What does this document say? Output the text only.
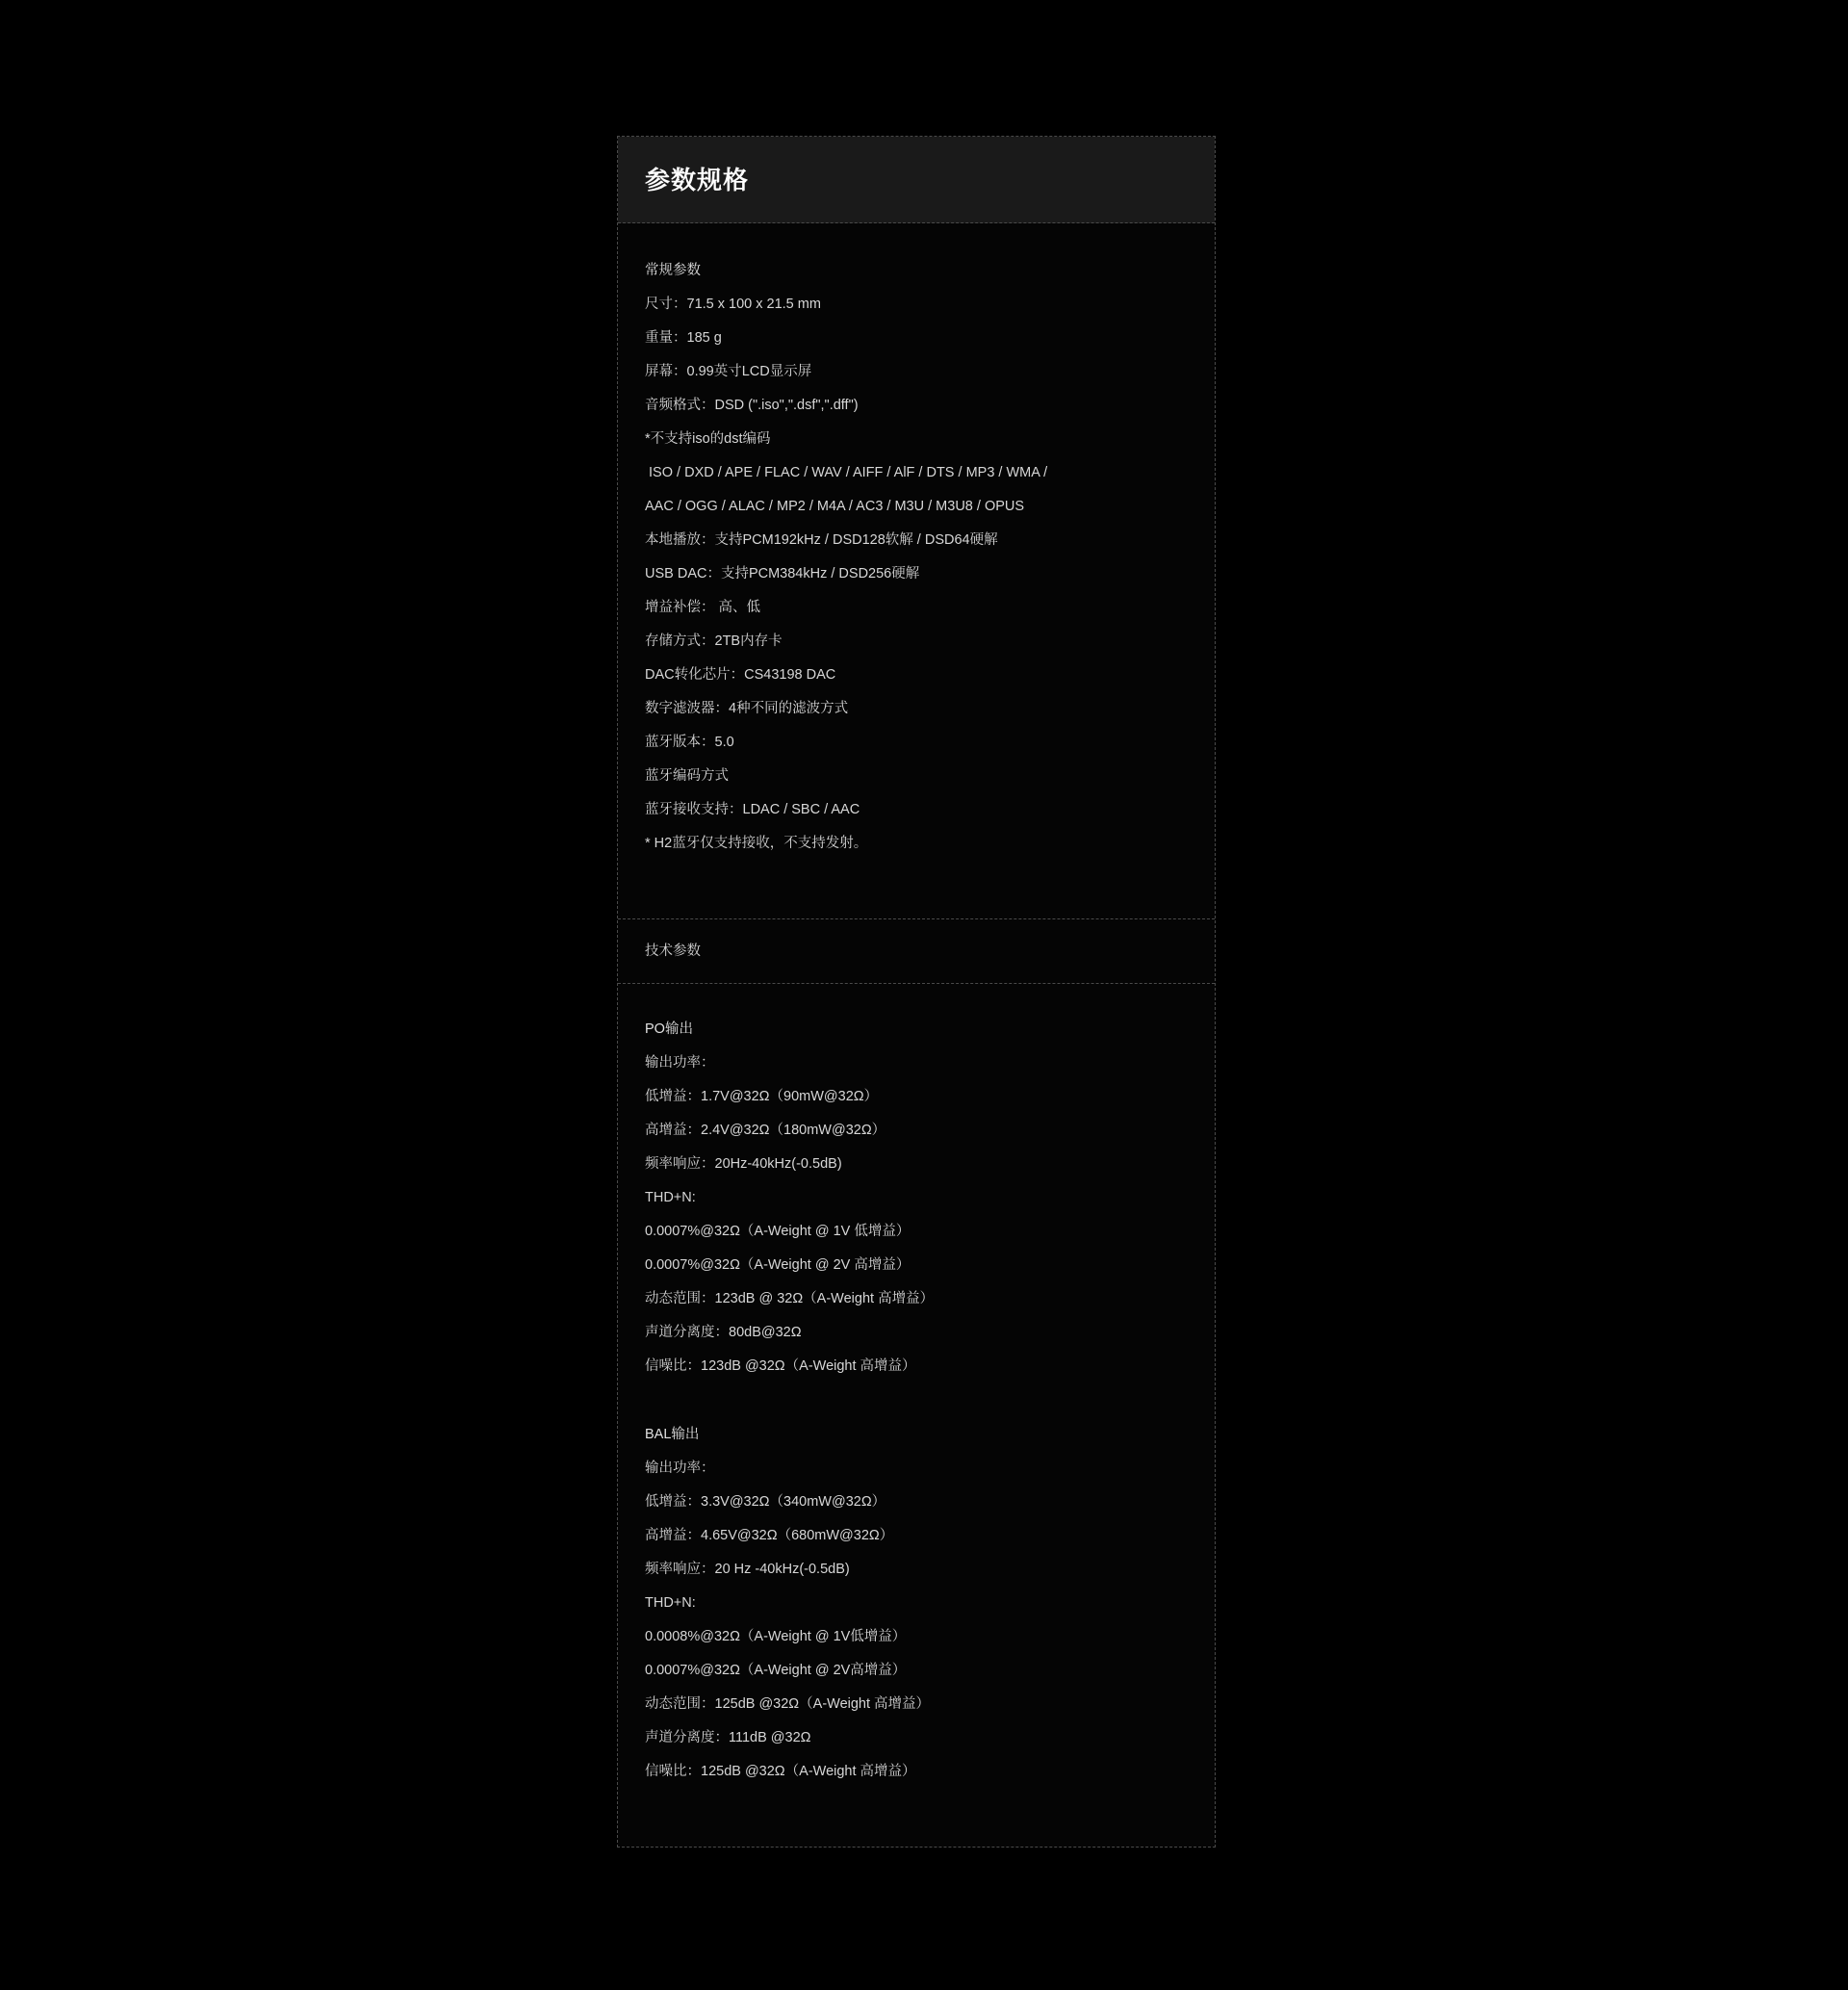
参数规格
常规参数
尺寸：71.5 x 100 x 21.5 mm
重量：185 g
屏幕：0.99英寸LCD显示屏
音频格式：DSD (".iso",".dsf",".dff")
*不支持iso的dst编码
ISO / DXD / APE / FLAC / WAV / AIFF / AlF / DTS / MP3 / WMA /
AAC / OGG / ALAC / MP2 / M4A / AC3 / M3U / M3U8 / OPUS
本地播放：支持PCM192kHz / DSD128软解 / DSD64硬解
USB DAC：支持PCM384kHz / DSD256硬解
增益补偿： 高、低
存储方式：2TB内存卡
DAC转化芯片：CS43198 DAC
数字滤波器：4种不同的滤波方式
蓝牙版本：5.0
蓝牙编码方式
蓝牙接收支持：LDAC / SBC / AAC
* H2蓝牙仅支持接收，不支持发射。
技术参数
PO输出
输出功率：
低增益：1.7V@32Ω（90mW@32Ω）
高增益：2.4V@32Ω（180mW@32Ω）
频率响应：20Hz-40kHz(-0.5dB)
THD+N:
0.0007%@32Ω（A-Weight @ 1V 低增益）
0.0007%@32Ω（A-Weight @ 2V 高增益）
动态范围：123dB @ 32Ω（A-Weight 高增益）
声道分离度：80dB@32Ω
信噪比：123dB @32Ω（A-Weight 高增益）
BAL输出
输出功率：
低增益：3.3V@32Ω（340mW@32Ω）
高增益：4.65V@32Ω（680mW@32Ω）
频率响应：20 Hz -40kHz(-0.5dB)
THD+N:
0.0008%@32Ω（A-Weight @ 1V低增益）
0.0007%@32Ω（A-Weight @ 2V高增益）
动态范围：125dB @32Ω（A-Weight 高增益）
声道分离度：111dB @32Ω
信噪比：125dB @32Ω（A-Weight 高增益）
